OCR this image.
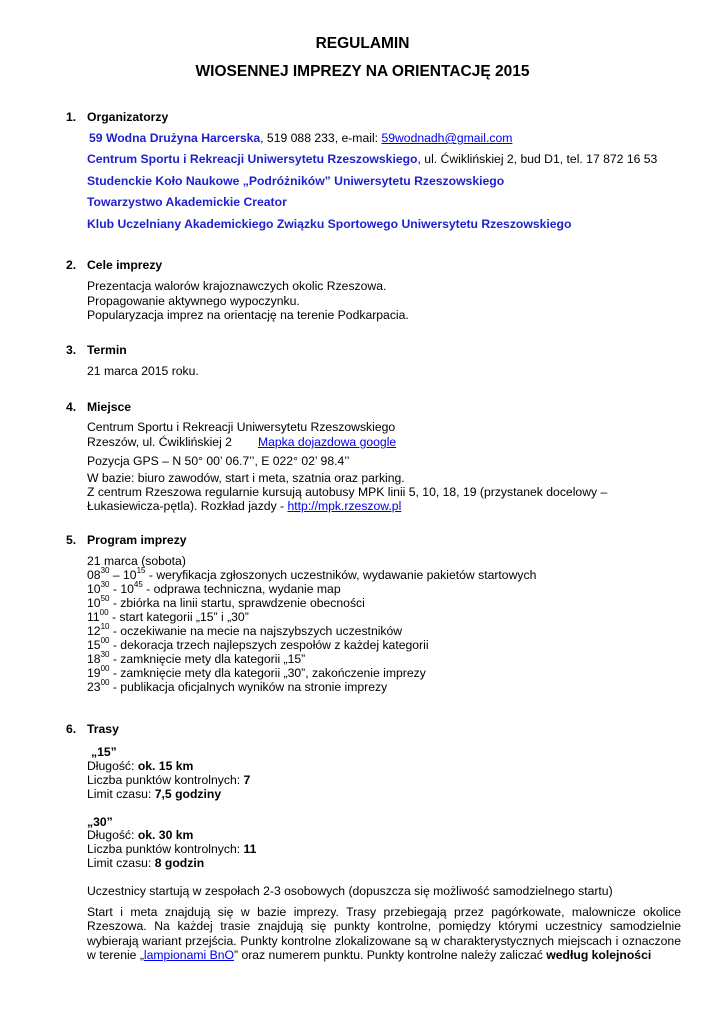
REGULAMIN
WIOSENNEJ IMPREZY NA ORIENTACJĘ 2015
1. Organizatorzy
59 Wodna Drużyna Harcerska, 519 088 233, e-mail: 59wodnadh@gmail.com
Centrum Sportu i Rekreacji Uniwersytetu Rzeszowskiego, ul. Ćwiklińskiej 2, bud D1, tel. 17 872 16 53
Studenckie Koło Naukowe „Podróżników” Uniwersytetu Rzeszowskiego
Towarzystwo Akademickie Creator
Klub Uczelniany Akademickiego Związku Sportowego Uniwersytetu Rzeszowskiego
2. Cele imprezy
Prezentacja walorów krajoznawczych okolic Rzeszowa.
Propagowanie aktywnego wypoczynku.
Popularyzacja imprez na orientację na terenie Podkarpacia.
3. Termin
21 marca 2015 roku.
4. Miejsce
Centrum Sportu i Rekreacji Uniwersytetu Rzeszowskiego
Rzeszów, ul. Ćwiklińskiej 2 Mapka dojazdowa google
Pozycja GPS – N 50° 00’ 06.7’’, E 022° 02’ 98.4’’
W bazie: biuro zawodów, start i meta, szatnia oraz parking.
Z centrum Rzeszowa regularnie kursują autobusy MPK linii 5, 10, 18, 19 (przystanek docelowy –
Łukasiewicza-pętla). Rozkład jazdy - http://mpk.rzeszow.pl
5. Program imprezy
21 marca (sobota)
$08^{30} - 10^{15}$ - weryfikacja zgłoszonych uczestników, wydawanie pakietów startowych
$10^{30} - 10^{45}$ - odprawa techniczna, wydanie map
$10^{50}$ - zbiórka na linii startu, sprawdzenie obecności
$11^{00}$ - start kategorii „15” i „30”
$12^{10}$ - oczekiwanie na mecie na najszybszych uczestników
$15^{00}$ - dekoracja trzech najlepszych zespołów z każdej kategorii
$18^{30}$ - zamknięcie mety dla kategorii „15”
$19^{00}$ - zamknięcie mety dla kategorii „30”, zakończenie imprezy
$23^{00}$ - publikacja oficjalnych wyników na stronie imprezy
6. Trasy
„15”
Długość: ok. 15 km
Liczba punktów kontrolnych: 7
Limit czasu: 7,5 godziny
„30”
Długość: ok. 30 km
Liczba punktów kontrolnych: 11
Limit czasu: 8 godzin
Uczestnicy startują w zespołach 2-3 osobowych (dopuszcza się możliwość samodzielnego startu)
Start i meta znajdują się w bazie imprezy. Trasy przebiegają przez pagórkowate, malownicze okolice Rzeszowa. Na każdej trasie znajdują się punkty kontrolne, pomiędzy którymi uczestnicy samodzielnie wybierają wariant przejścia. Punkty kontrolne zlokalizowane są w charakterystycznych miejscach i oznaczone w terenie „lampionami BnO” oraz numerem punktu. Punkty kontrolne należy zaliczać według kolejności
